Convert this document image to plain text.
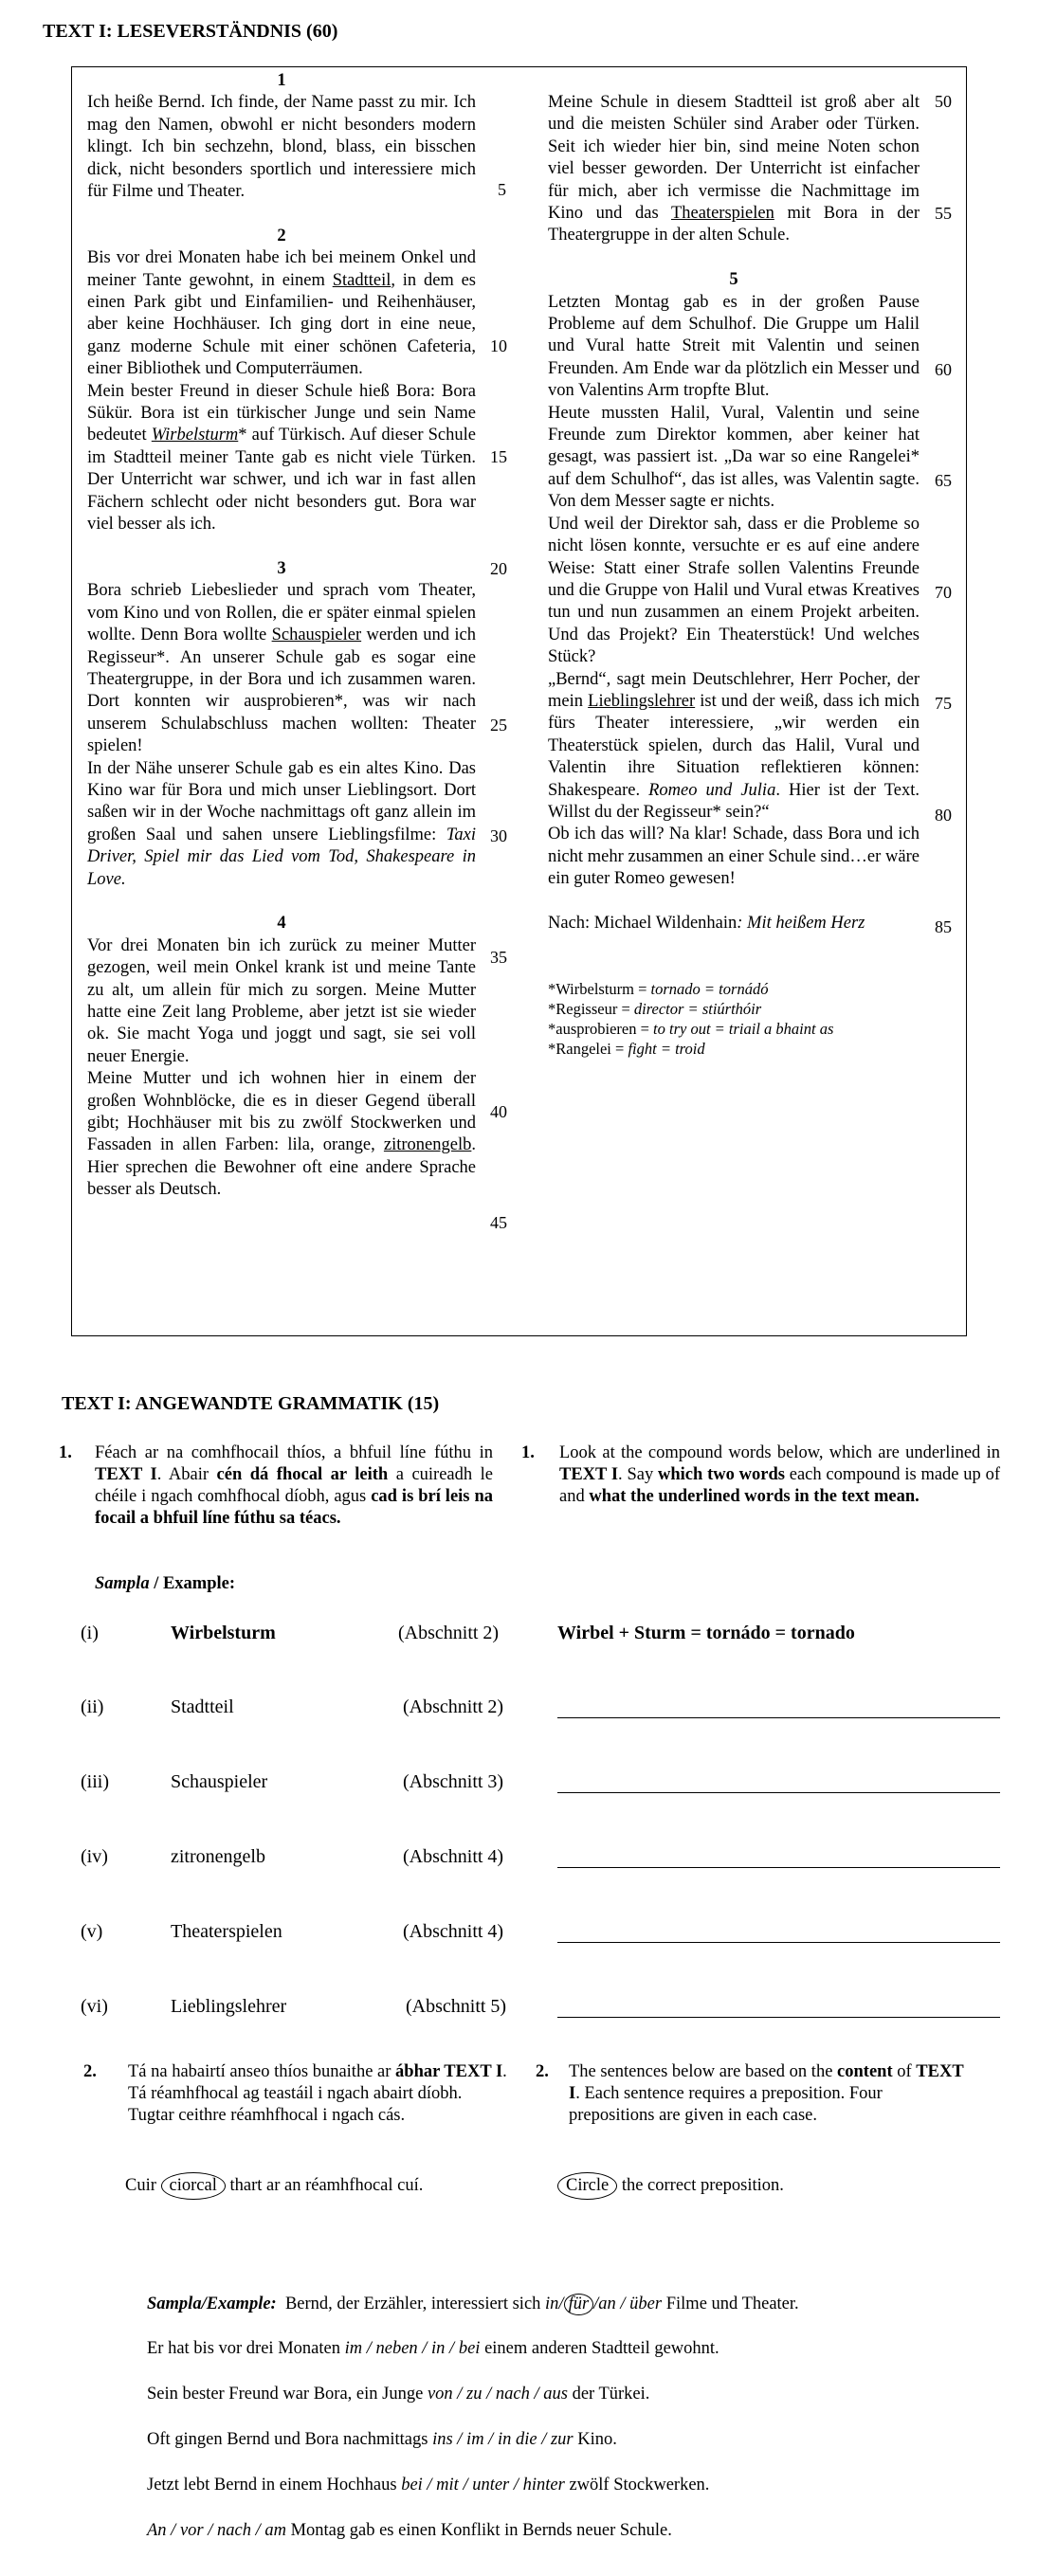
TEXT I: LESEVERSTÄNDNIS (60)

1

Ich heiße Bernd. Ich finde, der Name passt zu mir. Ich mag den Namen, obwohl er nicht besonders modern klingt. Ich bin sechzehn, blond, blass, ein bisschen dick, nicht besonders sportlich und interessiere mich für Filme und Theater.

2

Bis vor drei Monaten habe ich bei meinem Onkel und meiner Tante gewohnt, in einem Stadtteil, in dem es einen Park gibt und Einfamilien- und Reihenhäuser, aber keine Hochhäuser. Ich ging dort in eine neue, ganz moderne Schule mit einer schönen Cafeteria, einer Bibliothek und Computerräumen.

Mein bester Freund in dieser Schule hieß Bora: Bora Sükür. Bora ist ein türkischer Junge und sein Name bedeutet Wirbelsturm* auf Türkisch. Auf dieser Schule im Stadtteil meiner Tante gab es nicht viele Türken. Der Unterricht war schwer, und ich war in fast allen Fächern schlecht oder nicht besonders gut. Bora war viel besser als ich.

3

Bora schrieb Liebeslieder und sprach vom Theater, vom Kino und von Rollen, die er später einmal spielen wollte. Denn Bora wollte Schauspieler werden und ich Regisseur*. An unserer Schule gab es sogar eine Theatergruppe, in der Bora und ich zusammen waren. Dort konnten wir ausprobieren*, was wir nach unserem Schulabschluss machen wollten: Theater spielen!

In der Nähe unserer Schule gab es ein altes Kino. Das Kino war für Bora und mich unser Lieblingsort. Dort saßen wir in der Woche nachmittags oft ganz allein im großen Saal und sahen unsere Lieblingsfilme: Taxi Driver, Spiel mir das Lied vom Tod, Shakespeare in Love.

4

Vor drei Monaten bin ich zurück zu meiner Mutter gezogen, weil mein Onkel krank ist und meine Tante zu alt, um allein für mich zu sorgen. Meine Mutter hatte eine Zeit lang Probleme, aber jetzt ist sie wieder ok. Sie macht Yoga und joggt und sagt, sie sei voll neuer Energie.

Meine Mutter und ich wohnen hier in einem der großen Wohnblöcke, die es in dieser Gegend überall gibt; Hochhäuser mit bis zu zwölf Stockwerken und Fassaden in allen Farben: lila, orange, zitronengelb. Hier sprechen die Bewohner oft eine andere Sprache besser als Deutsch.

Meine Schule in diesem Stadtteil ist groß aber alt und die meisten Schüler sind Araber oder Türken. Seit ich wieder hier bin, sind meine Noten schon viel besser geworden. Der Unterricht ist einfacher für mich, aber ich vermisse die Nachmittage im Kino und das Theaterspielen mit Bora in der Theatergruppe in der alten Schule.

5

Letzten Montag gab es in der großen Pause Probleme auf dem Schulhof. Die Gruppe um Halil und Vural hatte Streit mit Valentin und seinen Freunden. Am Ende war da plötzlich ein Messer und von Valentins Arm tropfte Blut.

Heute mussten Halil, Vural, Valentin und seine Freunde zum Direktor kommen, aber keiner hat gesagt, was passiert ist. „Da war so eine Rangelei* auf dem Schulhof“, das ist alles, was Valentin sagte. Von dem Messer sagte er nichts.

Und weil der Direktor sah, dass er die Probleme so nicht lösen konnte, versuchte er es auf eine andere Weise: Statt einer Strafe sollen Valentins Freunde und die Gruppe von Halil und Vural etwas Kreatives tun und nun zusammen an einem Projekt arbeiten. Und das Projekt? Ein Theaterstück! Und welches Stück?

„Bernd“, sagt mein Deutschlehrer, Herr Pocher, der mein Lieblingslehrer ist und der weiß, dass ich mich fürs Theater interessiere, „wir werden ein Theaterstück spielen, durch das Halil, Vural und Valentin ihre Situation reflektieren können: Shakespeare. Romeo und Julia. Hier ist der Text. Willst du der Regisseur* sein?“

Ob ich das will? Na klar! Schade, dass Bora und ich nicht mehr zusammen an einer Schule sind…er wäre ein guter Romeo gewesen!

Nach: Michael Wildenhain: Mit heißem Herz

*Wirbelsturm = tornado = tornádó
*Regisseur = director = stiúrthóir
*ausprobieren = to try out = triail a bhaint as
*Rangelei = fight = troid
5
10
15
20
25
30
35
40
45
50
55
60
65
70
75
80
85
TEXT I: ANGEWANDTE GRAMMATIK (15)
1. Féach ar na comhfhocail thíos, a bhfuil líne fúthu in TEXT I. Abair cén dá fhocal ar leith a cuireadh le chéile i ngach comhfhocal díobh, agus cad is brí leis na focail a bhfuil líne fúthu sa téacs.
1. Look at the compound words below, which are underlined in TEXT I. Say which two words each compound is made up of and what the underlined words in the text mean.
Sampla / Example:
(i)	Wirbelsturm	(Abschnitt 2)	Wirbel + Sturm = tornádo = tornado
(ii)	Stadtteil	(Abschnitt 2)
(iii)	Schauspieler	(Abschnitt 3)
(iv)	zitronengelb	(Abschnitt 4)
(v)	Theaterspielen	(Abschnitt 4)
(vi)	Lieblingslehrer	(Abschnitt 5)
2. Tá na habairtí anseo thíos bunaithe ar ábhar TEXT I. Tá réamhfhocal ag teastáil i ngach abairt díobh. Tugtar ceithre réamhfhocal i ngach cás.
Cuir ciorcal thart ar an réamhfhocal cuí.
2. The sentences below are based on the content of TEXT I. Each sentence requires a preposition. Four prepositions are given in each case.
Circle the correct preposition.
Sampla/Example: Bernd, der Erzähler, interessiert sich in/ für /an / über Filme und Theater.
Er hat bis vor drei Monaten im / neben / in / bei einem anderen Stadtteil gewohnt.
Sein bester Freund war Bora, ein Junge von / zu / nach / aus der Türkei.
Oft gingen Bernd und Bora nachmittags ins / im / in die / zur Kino.
Jetzt lebt Bernd in einem Hochhaus bei / mit / unter / hinter zwölf Stockwerken.
An / vor / nach / am Montag gab es einen Konflikt in Bernds neuer Schule.
